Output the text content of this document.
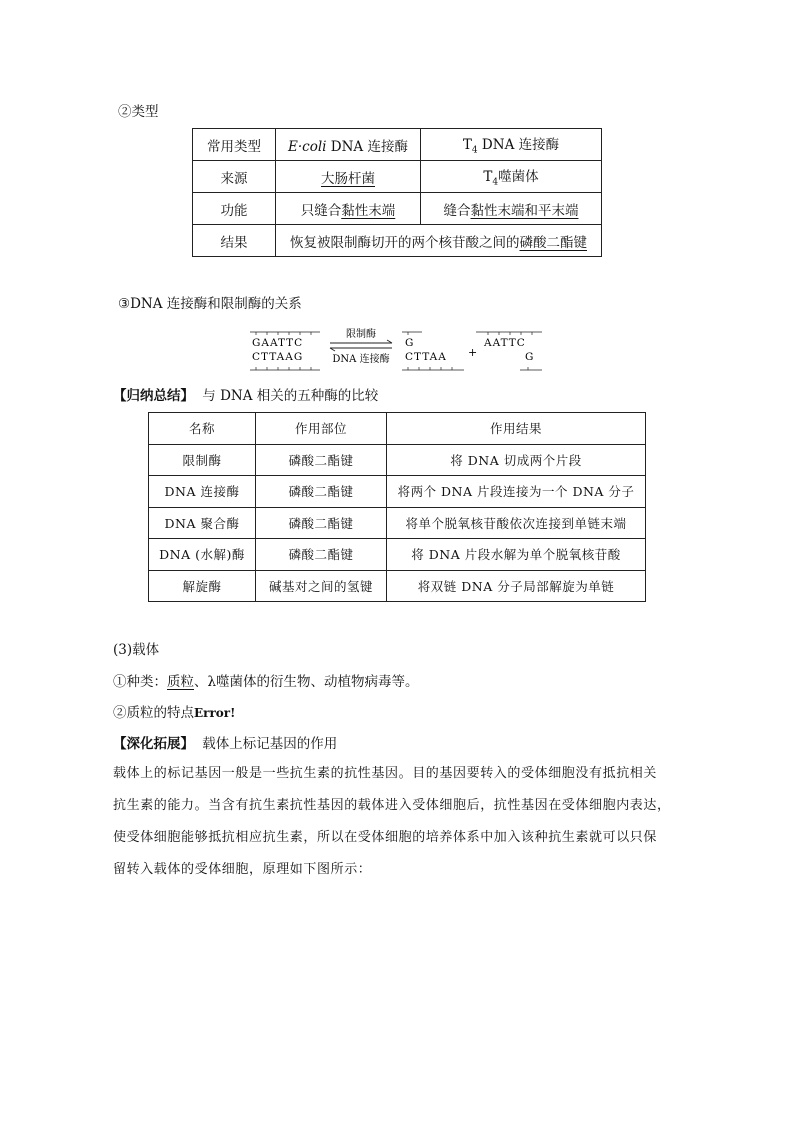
②类型
常用类型	E·coli DNA 连接酶	$T_4$ DNA 连接酶
来源	大肠杆菌	$T_4$噬菌体
功能	只缝合黏性末端	缝合黏性末端和平末端
结果	恢复被限制酶切开的两个核苷酸之间的磷酸二酯键	
③DNA 连接酶和限制酶的关系
GAATTC
CTTAAG
限制酶
DNA 连接酶
G
CTTAA +
AATTC
G
【归纳总结】 与 DNA 相关的五种酶的比较
名称	作用部位	作用结果
限制酶	磷酸二酯键	将 DNA 切成两个片段
DNA 连接酶	磷酸二酯键	将两个 DNA 片段连接为一个 DNA 分子
DNA 聚合酶	磷酸二酯键	将单个脱氧核苷酸依次连接到单链末端
DNA (水解)酶	磷酸二酯键	将 DNA 片段水解为单个脱氧核苷酸
解旋酶	碱基对之间的氢键	将双链 DNA 分子局部解旋为单链
(3)载体
①种类：质粒、λ噬菌体的衍生物、动植物病毒等。
②质粒的特点Error!
【深化拓展】 载体上标记基因的作用
载体上的标记基因一般是一些抗生素的抗性基因。目的基因要转入的受体细胞没有抵抗相关
抗生素的能力。当含有抗生素抗性基因的载体进入受体细胞后，抗性基因在受体细胞内表达，
使受体细胞能够抵抗相应抗生素，所以在受体细胞的培养体系中加入该种抗生素就可以只保
留转入载体的受体细胞，原理如下图所示：
